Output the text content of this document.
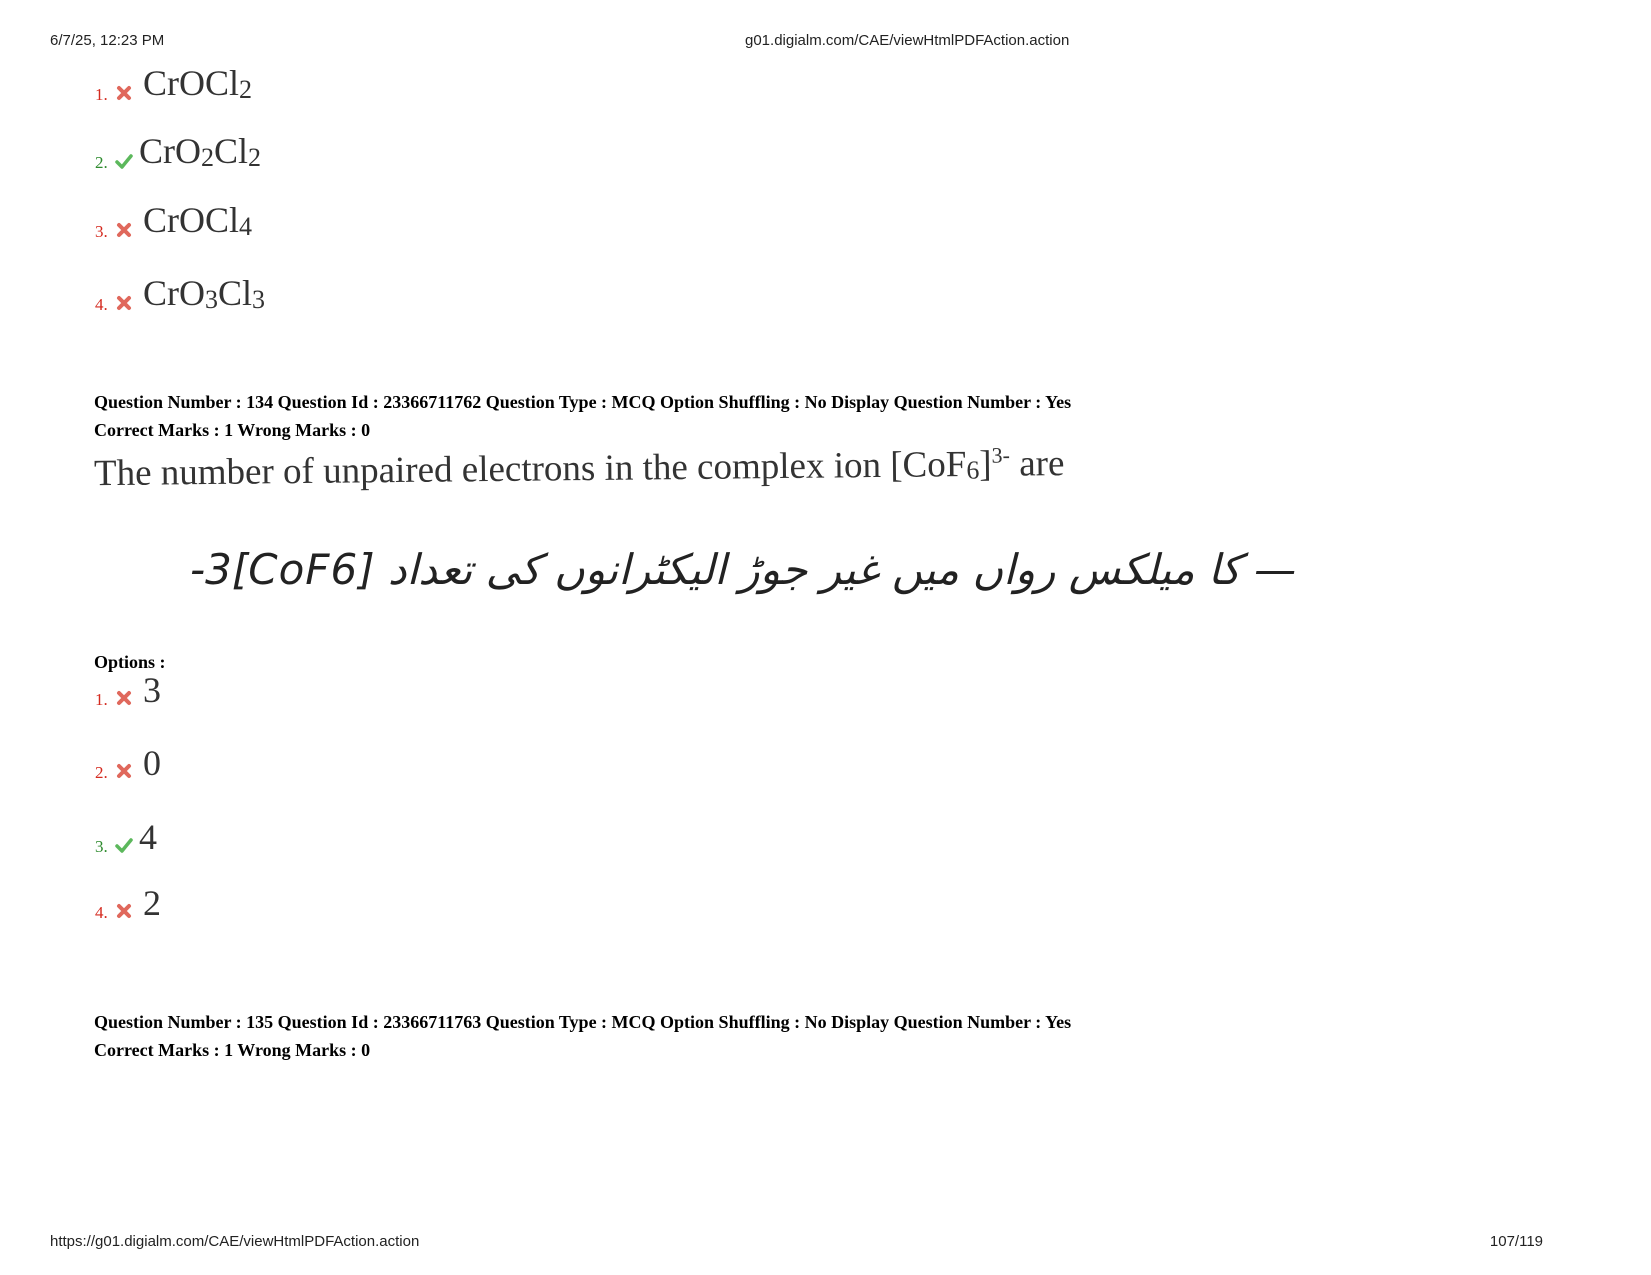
6/7/25, 12:23 PM	g01.digialm.com/CAE/viewHtmlPDFAction.action
1. CrOCl$_2$
2. $CrO_2Cl_2$
3. CrOCl$_4$
4. $CrO_3Cl_3$
Question Number : 134 Question Id : 23366711762 Question Type : MCQ Option Shuffling : No Display Question Number : Yes
Correct Marks : 1 Wrong Marks : 0
The number of unpaired electrons in the complex ion $[CoF_6]^{3-}$ are
— کا میلکس رواں میں غیر جوڑ الیکٹرانوں کی تعداد [CoF6]3-
Options :
1. 3
2. 0
3. 4
4. 2
Question Number : 135 Question Id : 23366711763 Question Type : MCQ Option Shuffling : No Display Question Number : Yes
Correct Marks : 1 Wrong Marks : 0
https://g01.digialm.com/CAE/viewHtmlPDFAction.action	107/119
